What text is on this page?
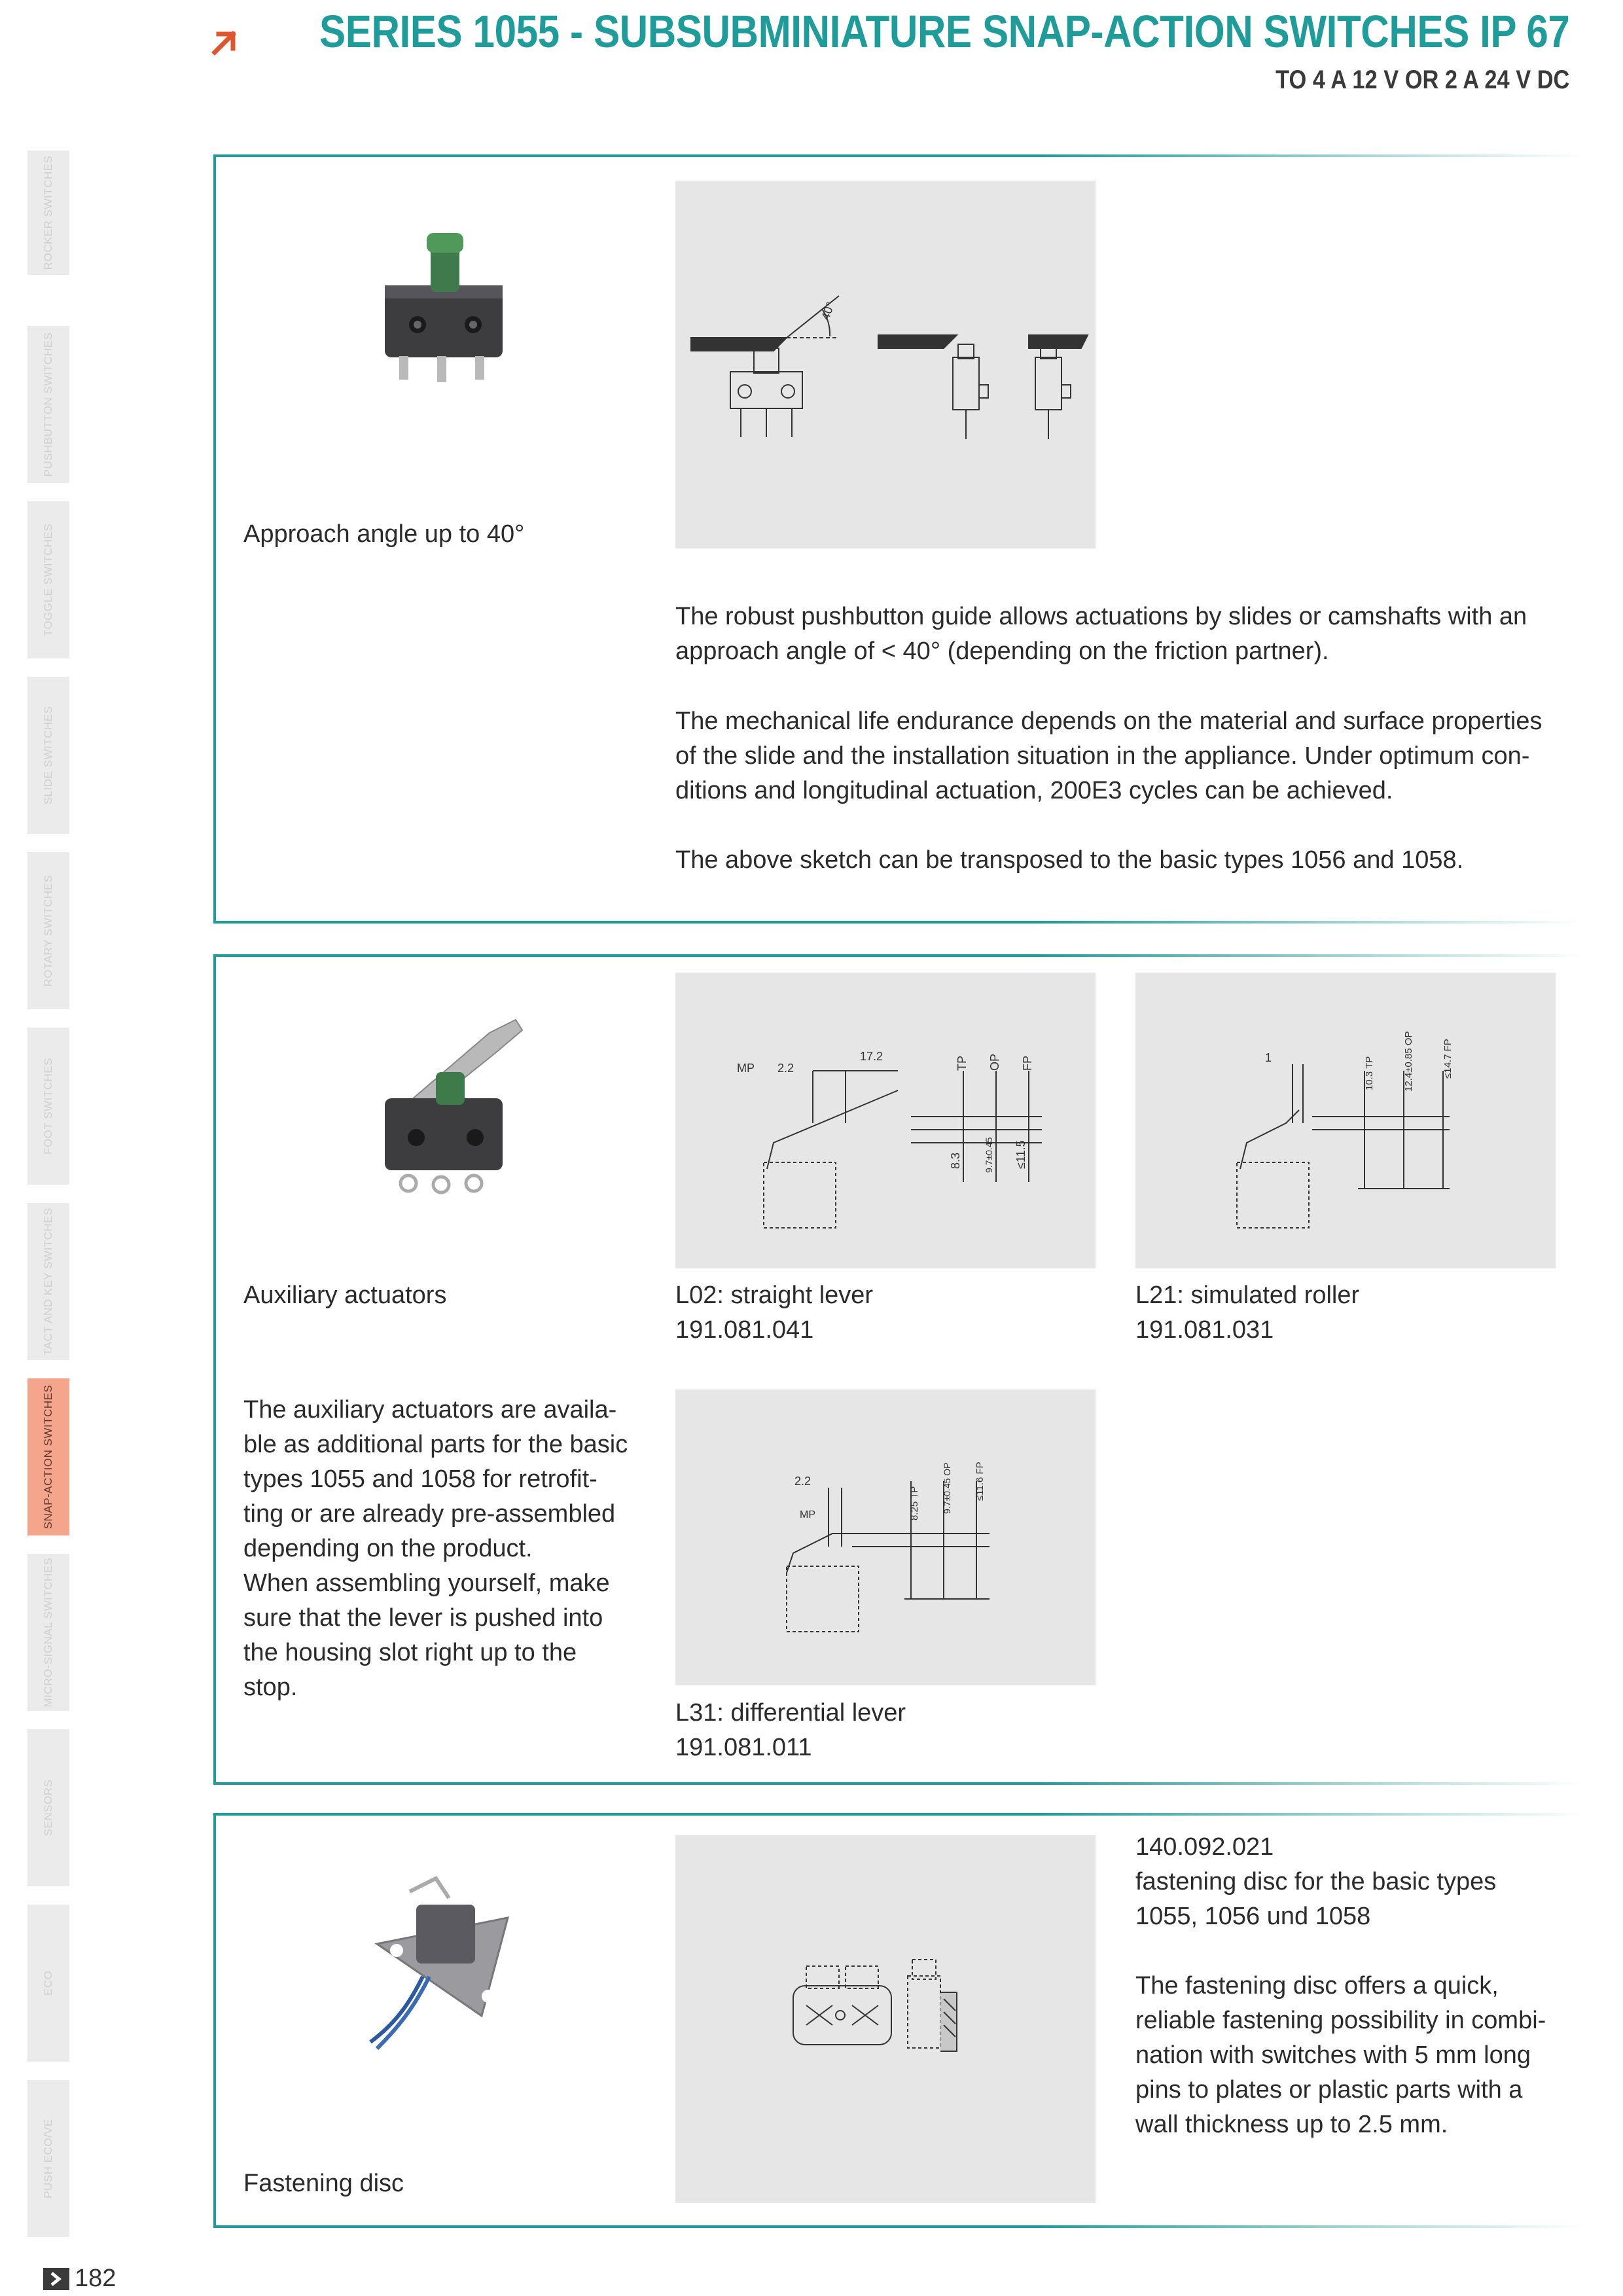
SERIES 1055 - SUBSUBMINIATURE SNAP-ACTION SWITCHES IP 67
TO 4 A 12 V OR 2 A 24 V DC
ROCKER SWITCHES
PUSHBUTTON SWITCHES
TOGGLE SWITCHES
SLIDE SWITCHES
ROTARY SWITCHES
FOOT SWITCHES
TACT AND KEY SWITCHES
SNAP-ACTION SWITCHES
MICRO-SIGNAL SWITCHES
SENSORS
ECO
PUSH ECO/VE
Approach angle up to 40°
40°
The robust pushbutton guide allows actuations by slides or camshafts with an approach angle of < 40° (depending on the friction partner).
The mechanical life endurance depends on the material and surface properties of the slide and the installation situation in the appliance. Under optimum con-ditions and longitudinal actuation, 200E3 cycles can be achieved.
The above sketch can be transposed to the basic types 1056 and 1058.
Auxiliary actuators
The auxiliary actuators are availa-
ble as additional parts for the basic
types 1055 and 1058 for retrofit-
ting or are already pre-assembled
depending on the product.
When assembling yourself, make
sure that the lever is pushed into
the housing slot right up to the
stop.
MP 2.2
17.2	TP OP FP
8.3 9.7±0.45 ≤11.5
L02: straight lever
191.081.041
1	10.3 TP	12.4±0.85 OP	≤14.7 FP
L21: simulated roller
191.081.031
2.2
MP	8.25 TP 9.7±0.45 OP ≤11.6 FP
L31: differential lever
191.081.011
Fastening disc
140.092.021
fastening disc for the basic types
1055, 1056 und 1058
The fastening disc offers a quick,
reliable fastening possibility in combi-
nation with switches with 5 mm long
pins to plates or plastic parts with a
wall thickness up to 2.5 mm.
182
